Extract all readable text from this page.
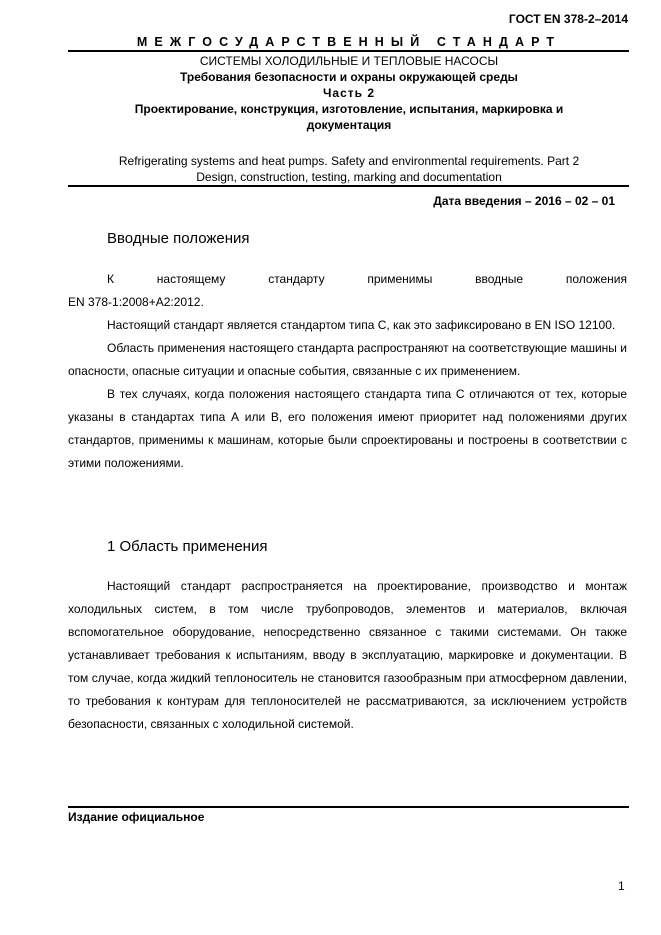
ГОСТ EN 378-2–2014
МЕЖГОСУДАРСТВЕННЫЙ СТАНДАРТ
СИСТЕМЫ ХОЛОДИЛЬНЫЕ И ТЕПЛОВЫЕ НАСОСЫ
Требования безопасности и охраны окружающей среды
Часть 2
Проектирование, конструкция, изготовление, испытания, маркировка и
документация
Refrigerating systems and heat pumps. Safety and environmental requirements. Part 2
Design, construction, testing, marking and documentation
Дата введения – 2016 – 02 – 01
Вводные положения

К настоящему стандарту применимы вводные положения

EN 378-1:2008+A2:2012.

Настоящий стандарт является стандартом типа С, как это зафиксировано в EN ISO 12100.

Область применения настоящего стандарта распространяют на соответствующие машины и опасности, опасные ситуации и опасные события, связанные с их применением.

В тех случаях, когда положения настоящего стандарта типа С отличаются от тех, которые указаны в стандартах типа А или В, его положения имеют приоритет над положениями других стандартов, применимы к машинам, которые были спроектированы и построены в соответствии с этими положениями.

1 Область применения

Настоящий стандарт распространяется на проектирование, производство и монтаж холодильных систем, в том числе трубопроводов, элементов и материалов, включая вспомогательное оборудование, непосредственно связанное с такими системами. Он также устанавливает требования к испытаниям, вводу в эксплуатацию, маркировке и документации. В том случае, когда жидкий теплоноситель не становится газообразным при атмосферном давлении, то требования к контурам для теплоносителей не рассматриваются, за исключением устройств безопасности, связанных с холодильной системой.

Издание официальное
1
